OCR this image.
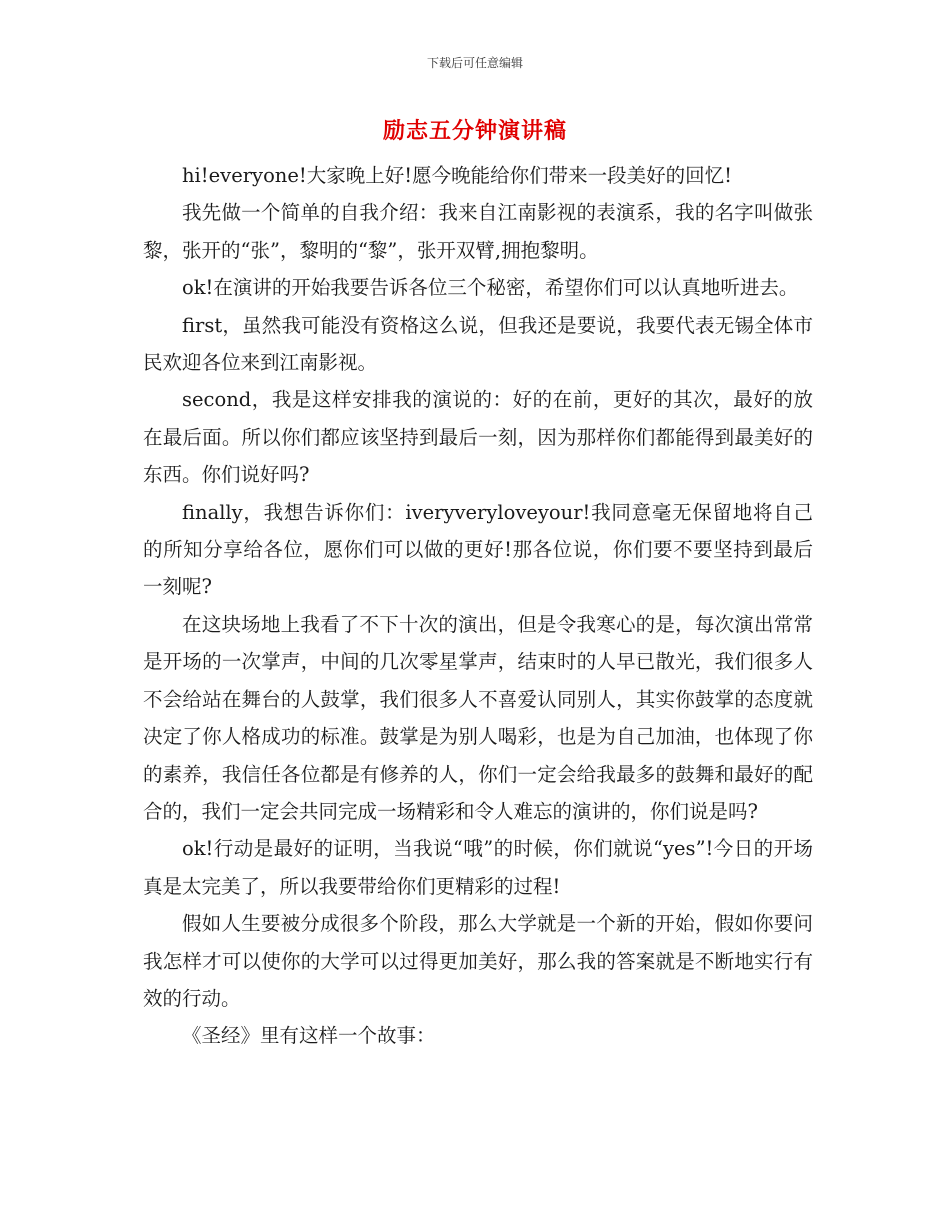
下载后可任意编辑
励志五分钟演讲稿

hi!everyone!大家晚上好!愿今晚能给你们带来一段美好的回忆!

我先做一个简单的自我介绍：我来自江南影视的表演系，我的名字叫做张黎，张开的“张”，黎明的“黎”，张开双臂,拥抱黎明。

ok!在演讲的开始我要告诉各位三个秘密，希望你们可以认真地听进去。

first，虽然我可能没有资格这么说，但我还是要说，我要代表无锡全体市民欢迎各位来到江南影视。

second，我是这样安排我的演说的：好的在前，更好的其次，最好的放在最后面。所以你们都应该坚持到最后一刻，因为那样你们都能得到最美好的东西。你们说好吗?

finally，我想告诉你们：iveryveryloveyour!我同意毫无保留地将自己的所知分享给各位，愿你们可以做的更好!那各位说，你们要不要坚持到最后一刻呢?

在这块场地上我看了不下十次的演出，但是令我寒心的是，每次演出常常是开场的一次掌声，中间的几次零星掌声，结束时的人早已散光，我们很多人不会给站在舞台的人鼓掌，我们很多人不喜爱认同别人，其实你鼓掌的态度就决定了你人格成功的标准。鼓掌是为别人喝彩，也是为自己加油，也体现了你的素养，我信任各位都是有修养的人，你们一定会给我最多的鼓舞和最好的配合的，我们一定会共同完成一场精彩和令人难忘的演讲的，你们说是吗?

ok!行动是最好的证明，当我说“哦”的时候，你们就说“yes”!今日的开场真是太完美了，所以我要带给你们更精彩的过程!

假如人生要被分成很多个阶段，那么大学就是一个新的开始，假如你要问我怎样才可以使你的大学可以过得更加美好，那么我的答案就是不断地实行有效的行动。

《圣经》里有这样一个故事：
